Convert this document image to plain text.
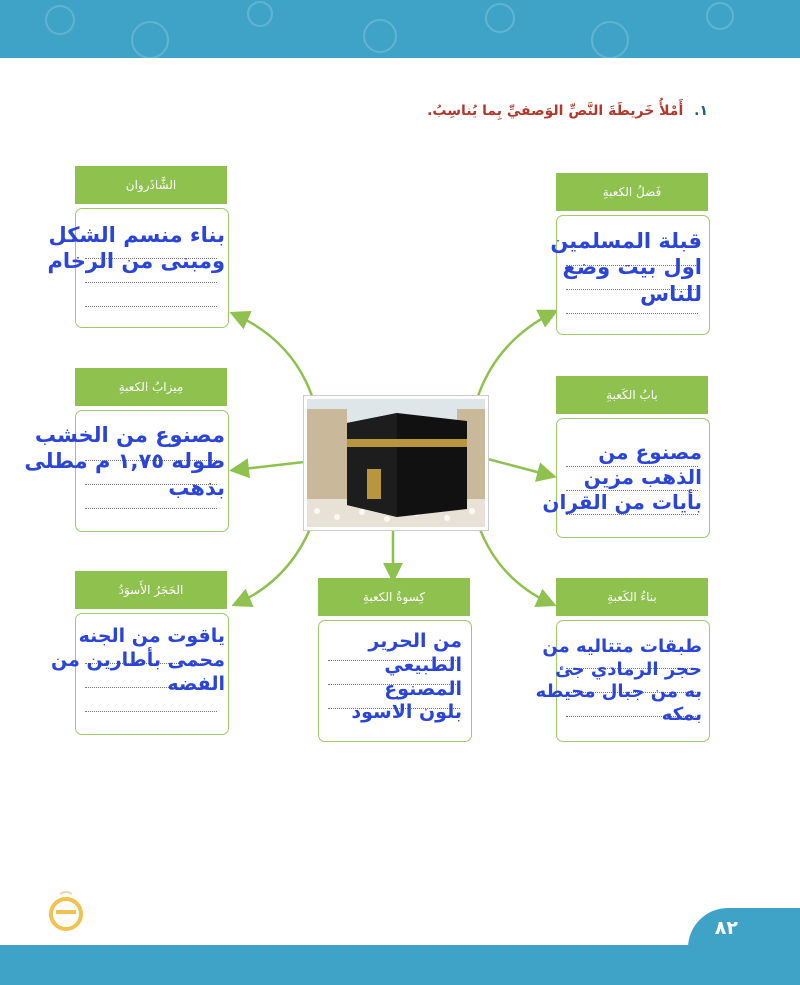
١. أَمْلأُ خَريطَةَ النَّصِّ الوَصفيِّ بِما يُناسِبُ.
الشَّاذَروان
بناء منسم الشكل
ومبنى من الرخام
مِيزابُ الكعبةِ
مصنوع من الخشب
طوله ١,٧٥ م مطلى
بذهب
الحَجَرُ الأَسوَدُ
ياقوت من الجنه
محمى بأطارين من
الفضه
كِسوةُ الكعبةِ
من الحرير
الطبيعي
المصنوع
بلون الاسود
فَضلُ الكعبةِ
قبلة المسلمين
اول بيت وضع
للناس
بابُ الكَعبةِ
مصنوع من
الذهب مزين
بأيات من القران
بناءُ الكَعبةِ
طبقات متتاليه من
حجر الرمادي جئ
به من جبال محيطه
بمكه
٨٢
